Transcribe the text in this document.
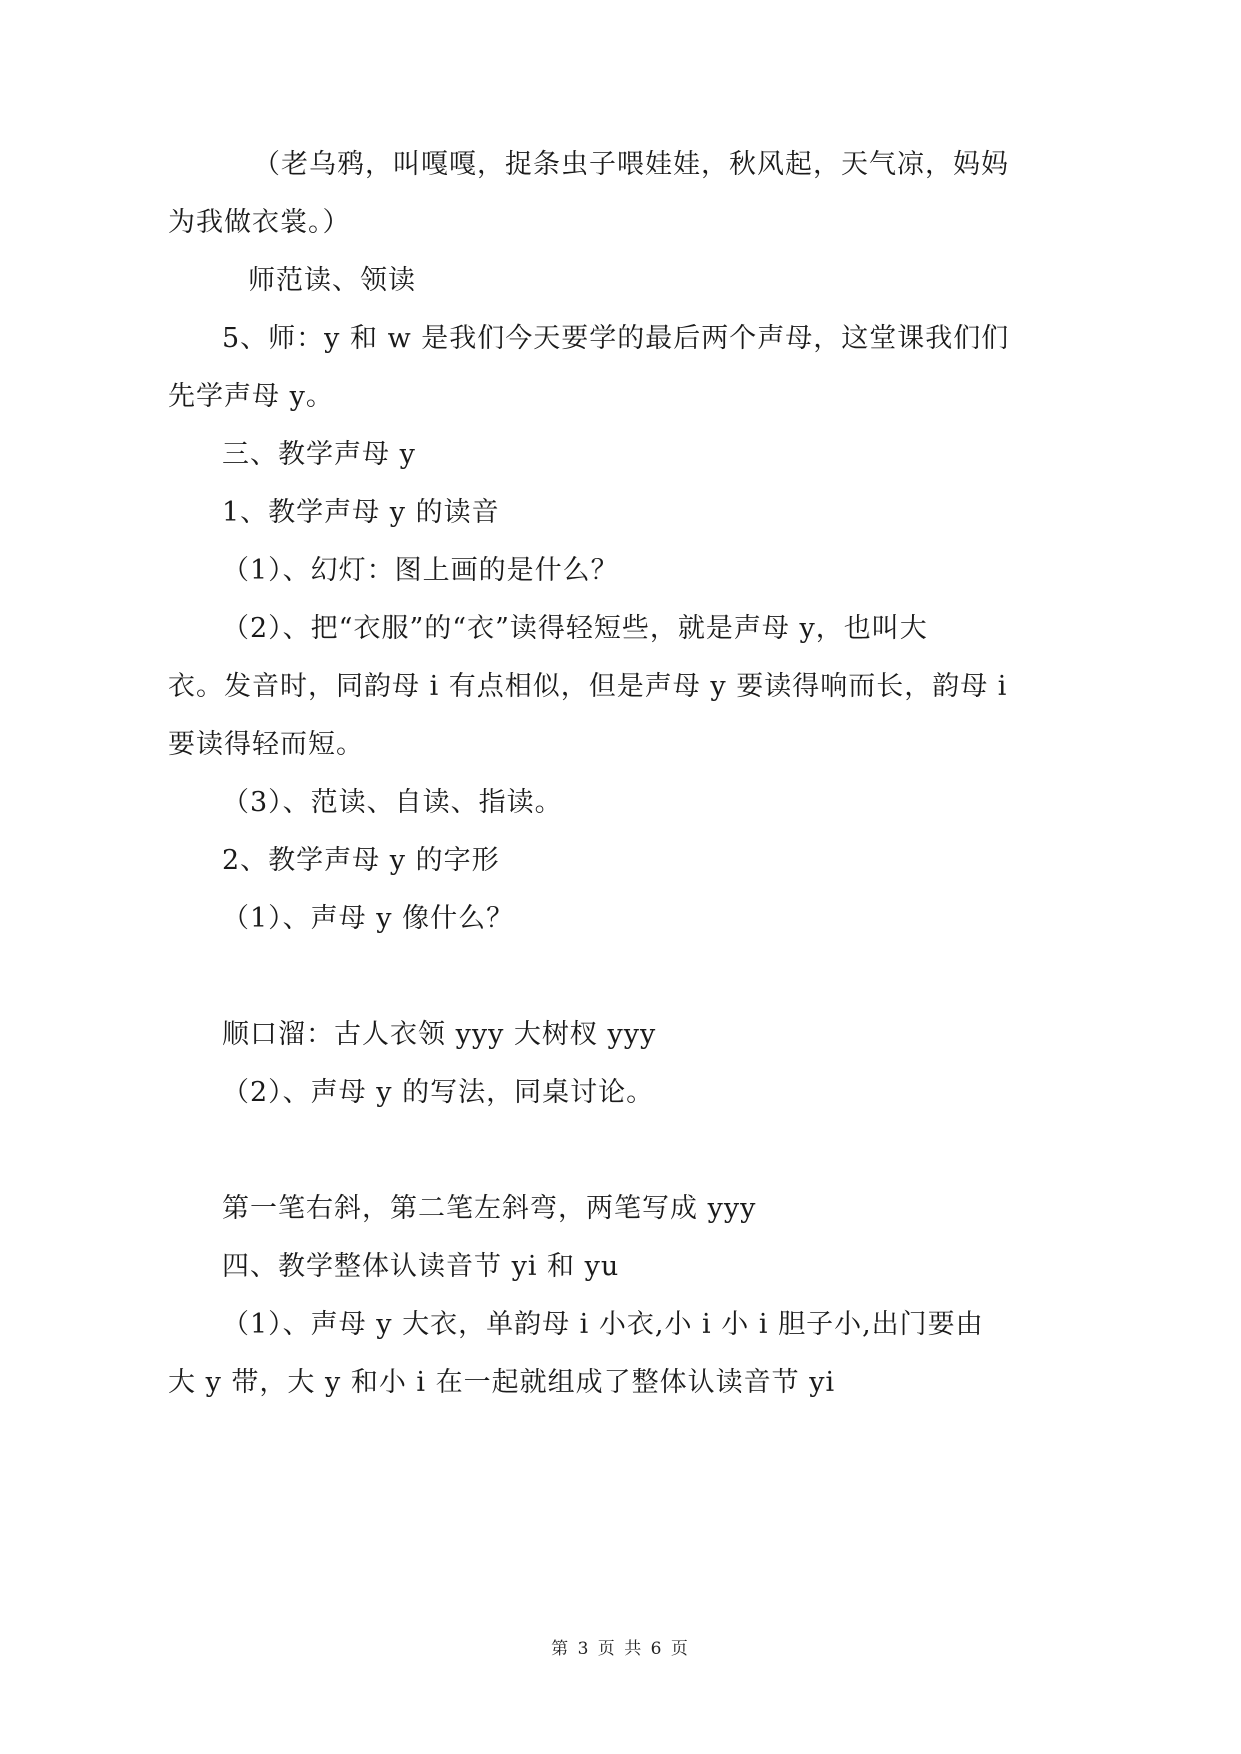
（老乌鸦，叫嘎嘎，捉条虫子喂娃娃，秋风起，天气凉，妈妈
为我做衣裳。）
师范读、领读
5、师：y 和 w 是我们今天要学的最后两个声母，这堂课我们们
先学声母 y。
三、教学声母 y
1、教学声母 y 的读音
（1）、幻灯：图上画的是什么？
（2）、把“衣服”的“衣”读得轻短些，就是声母 y，也叫大
衣。发音时，同韵母 i 有点相似，但是声母 y 要读得响而长，韵母 i
要读得轻而短。
（3）、范读、自读、指读。
2、教学声母 y 的字形
（1）、声母 y 像什么？
顺口溜：古人衣领 yyy 大树杈 yyy
（2）、声母 y 的写法，同桌讨论。
第一笔右斜，第二笔左斜弯，两笔写成 yyy
四、教学整体认读音节 yi 和 yu
（1）、声母 y 大衣，单韵母 i 小衣,小 i 小 i 胆子小,出门要由
大 y 带，大 y 和小 i 在一起就组成了整体认读音节 yi
第 3 页 共 6 页
